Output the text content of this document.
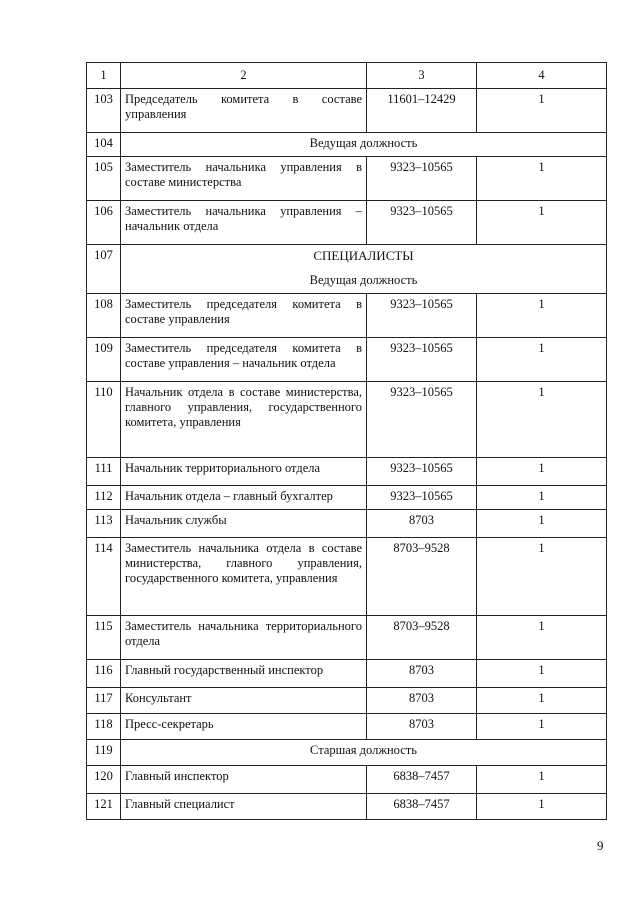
1	2	3	4
103	Председатель комитета в составе управления	11601–12429	1
104	Ведущая должность		

105	Заместитель начальника управления в составе министерства	9323–10565	1
106	Заместитель начальника управления – начальник отдела	9323–10565	1
107	СПЕЦИАЛИСТЫ
Ведущая должность		

108	Заместитель председателя комитета в составе управления	9323–10565	1
109	Заместитель председателя комитета в составе управления – начальник отдела	9323–10565	1
110	Начальник отдела в составе министерства, главного управления, государственного комитета, управления	9323–10565	1
111	Начальник территориального отдела	9323–10565	1
112	Начальник отдела – главный бухгалтер	9323–10565	1
113	Начальник службы	8703	1
114	Заместитель начальника отдела в составе министерства, главного управления, государственного комитета, управления	8703–9528	1
115	Заместитель начальника территориального отдела	8703–9528	1
116	Главный государственный инспектор	8703	1
117	Консультант	8703	1
118	Пресс-секретарь	8703	1
119	Старшая должность		

120	Главный инспектор	6838–7457	1
121	Главный специалист	6838–7457	1
9
